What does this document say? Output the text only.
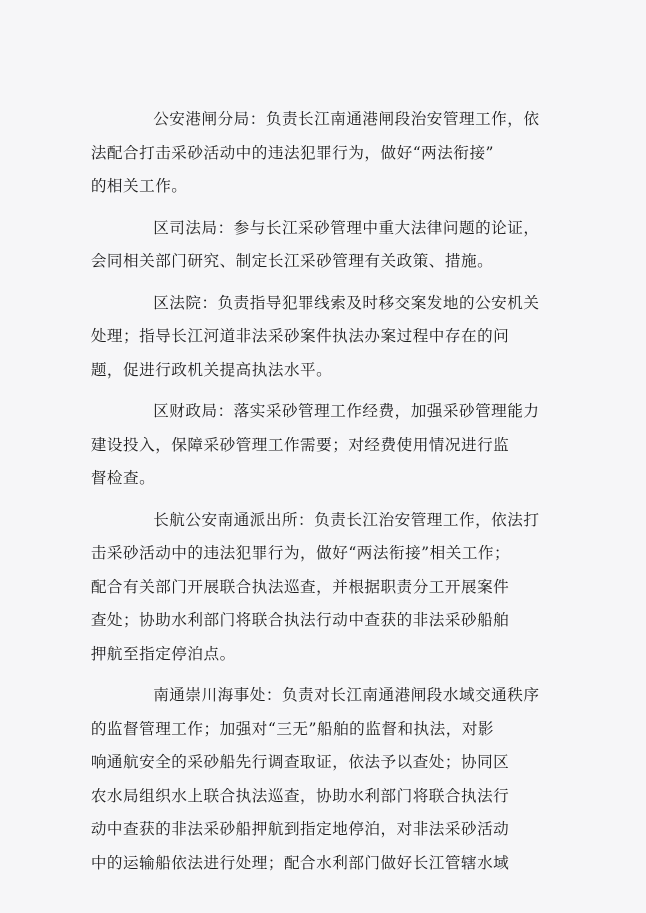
公安港闸分局：负责长江南通港闸段治安管理工作，依
法配合打击采砂活动中的违法犯罪行为，做好“两法衔接”
的相关工作。

区司法局：参与长江采砂管理中重大法律问题的论证，
会同相关部门研究、制定长江采砂管理有关政策、措施。

区法院：负责指导犯罪线索及时移交案发地的公安机关
处理；指导长江河道非法采砂案件执法办案过程中存在的问
题，促进行政机关提高执法水平。

区财政局：落实采砂管理工作经费，加强采砂管理能力
建设投入，保障采砂管理工作需要；对经费使用情况进行监
督检查。

长航公安南通派出所：负责长江治安管理工作，依法打
击采砂活动中的违法犯罪行为，做好“两法衔接”相关工作；
配合有关部门开展联合执法巡查，并根据职责分工开展案件
查处；协助水利部门将联合执法行动中查获的非法采砂船舶
押航至指定停泊点。

南通崇川海事处：负责对长江南通港闸段水域交通秩序
的监督管理工作；加强对“三无”船舶的监督和执法，对影
响通航安全的采砂船先行调查取证，依法予以查处；协同区
农水局组织水上联合执法巡查，协助水利部门将联合执法行
动中查获的非法采砂船押航到指定地停泊，对非法采砂活动
中的运输船依法进行处理；配合水利部门做好长江管辖水域
